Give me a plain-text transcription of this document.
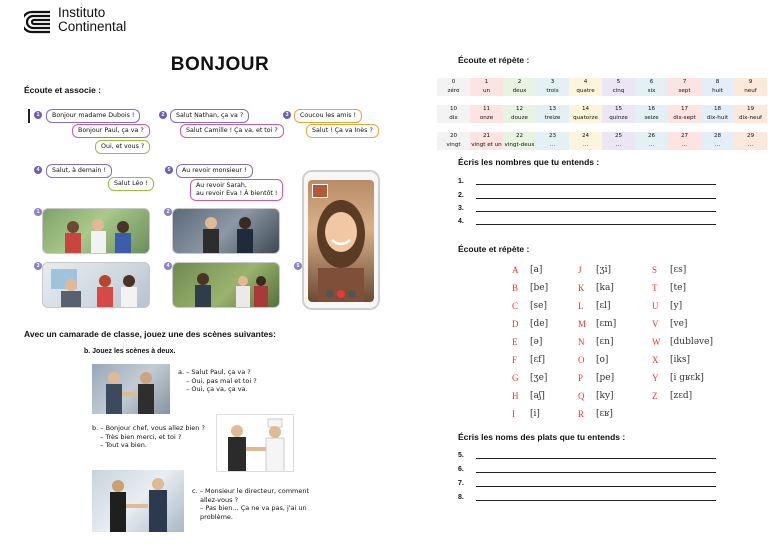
Instituto
Continental
BONJOUR
Écoute et associe :
1	Bonjour madame Dubois !
Bonjour Paul, ça va ?
Oui, et vous ?
2	Salut Nathan, ça va ?
Salut Camille ! Ça va, et toi ?
3	Coucou les amis !
Salut ! Ça va Inès ?
4	Salut, à demain !
Salut Léo !
5	Au revoir monsieur !
Au revoir Sarah,
au revoir Eva ! À bientôt !
1	2
3	4	5
Avec un camarade de classe, jouez une des scènes suivantes:
b. Jouez les scènes à deux.
a. – Salut Paul, ça va ?
– Oui, pas mal et toi ?
– Oui, ça va, ça va.
b. – Bonjour chef, vous allez bien ?
– Très bien merci, et toi ?
– Tout va bien.
c. – Monsieur le directeur, comment
allez-vous ?
– Pas bien... Ça ne va pas, j'ai un
problème.
Écoute et répète :
0	1	2	3	4	5	6	7	8	9
zéro	un	deux	trois	quatre	cinq	six	sept	huit	neuf
10	11	12	13	14	15	16	17	18	19
dix	onze	douze	treize	quatorze	quinze	seize	dix-sept	dix-huit	dix-neuf
20	21	22	23	24	25	26	27	28	29
vingt	vingt et un	vingt-deux	...	...	...	...	...	...	...
Écris les nombres que tu entends :
1.
2.
3.
4.
Écoute et répète :
A [a]
B [be]
C [se]
D [de]
E [ə]
F [ɛf]
G [ʒe]
H [aʃ]
I [i]
J [ʒi]
K [ka]
L [ɛl]
M [ɛm]
N [ɛn]
O [o]
P [pe]
Q [ky]
R [ɛʁ]
S [ɛs]
T [te]
U [y]
V [ve]
W [dubləve]
X [iks]
Y [i gʁɛk]
Z [zɛd]
Écris les noms des plats que tu entends :
5.
6.
7.
8.
